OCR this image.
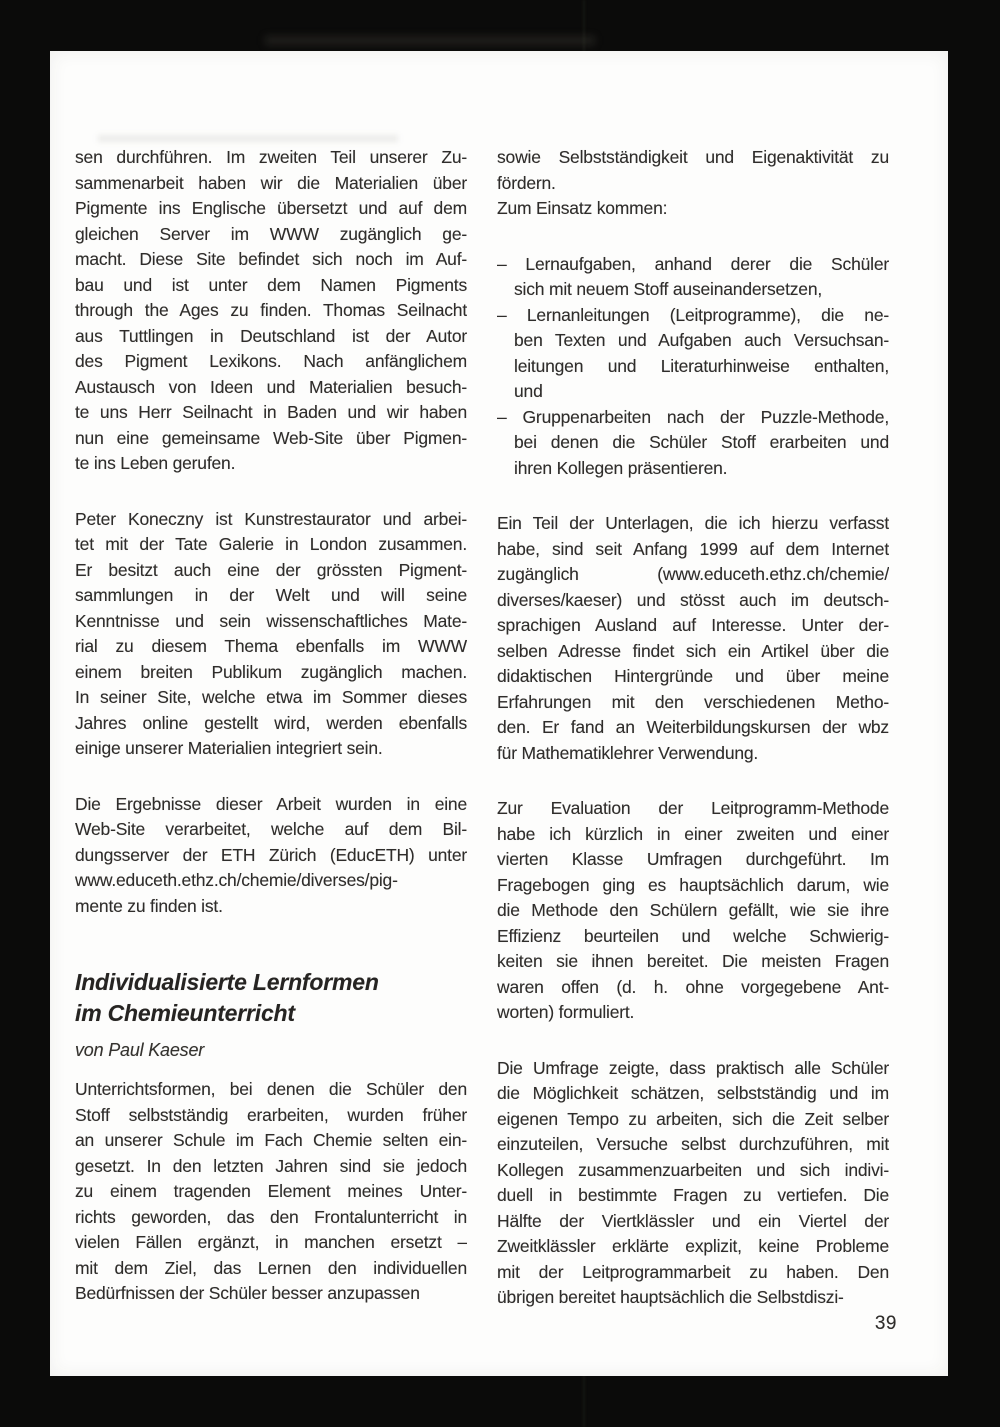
sen durchführen. Im zweiten Teil unserer Zu-
sammenarbeit haben wir die Materialien über
Pigmente ins Englische übersetzt und auf dem
gleichen Server im WWW zugänglich ge-
macht. Diese Site befindet sich noch im Auf-
bau und ist unter dem Namen Pigments
through the Ages zu finden. Thomas Seilnacht
aus Tuttlingen in Deutschland ist der Autor
des Pigment Lexikons. Nach anfänglichem
Austausch von Ideen und Materialien besuch-
te uns Herr Seilnacht in Baden und wir haben
nun eine gemeinsame Web-Site über Pigmen-
te ins Leben gerufen.
Peter Koneczny ist Kunstrestaurator und arbei-
tet mit der Tate Galerie in London zusammen.
Er besitzt auch eine der grössten Pigment-
sammlungen in der Welt und will seine
Kenntnisse und sein wissenschaftliches Mate-
rial zu diesem Thema ebenfalls im WWW
einem breiten Publikum zugänglich machen.
In seiner Site, welche etwa im Sommer dieses
Jahres online gestellt wird, werden ebenfalls
einige unserer Materialien integriert sein.
Die Ergebnisse dieser Arbeit wurden in eine
Web-Site verarbeitet, welche auf dem Bil-
dungsserver der ETH Zürich (EducETH) unter
www.educeth.ethz.ch/chemie/diverses/pig-
mente zu finden ist.
Individualisierte Lernformen
im Chemieunterricht
von Paul Kaeser
Unterrichtsformen, bei denen die Schüler den
Stoff selbstständig erarbeiten, wurden früher
an unserer Schule im Fach Chemie selten ein-
gesetzt. In den letzten Jahren sind sie jedoch
zu einem tragenden Element meines Unter-
richts geworden, das den Frontalunterricht in
vielen Fällen ergänzt, in manchen ersetzt –
mit dem Ziel, das Lernen den individuellen
Bedürfnissen der Schüler besser anzupassen
sowie Selbstständigkeit und Eigenaktivität zu
fördern.
Zum Einsatz kommen:
– Lernaufgaben, anhand derer die Schüler
sich mit neuem Stoff auseinandersetzen,
– Lernanleitungen (Leitprogramme), die ne-
ben Texten und Aufgaben auch Versuchsan-
leitungen und Literaturhinweise enthalten,
und
– Gruppenarbeiten nach der Puzzle-Methode,
bei denen die Schüler Stoff erarbeiten und
ihren Kollegen präsentieren.
Ein Teil der Unterlagen, die ich hierzu verfasst
habe, sind seit Anfang 1999 auf dem Internet
zugänglich (www.educeth.ethz.ch/chemie/
diverses/kaeser) und stösst auch im deutsch-
sprachigen Ausland auf Interesse. Unter der-
selben Adresse findet sich ein Artikel über die
didaktischen Hintergründe und über meine
Erfahrungen mit den verschiedenen Metho-
den. Er fand an Weiterbildungskursen der wbz
für Mathematiklehrer Verwendung.
Zur Evaluation der Leitprogramm-Methode
habe ich kürzlich in einer zweiten und einer
vierten Klasse Umfragen durchgeführt. Im
Fragebogen ging es hauptsächlich darum, wie
die Methode den Schülern gefällt, wie sie ihre
Effizienz beurteilen und welche Schwierig-
keiten sie ihnen bereitet. Die meisten Fragen
waren offen (d. h. ohne vorgegebene Ant-
worten) formuliert.
Die Umfrage zeigte, dass praktisch alle Schüler
die Möglichkeit schätzen, selbstständig und im
eigenen Tempo zu arbeiten, sich die Zeit selber
einzuteilen, Versuche selbst durchzuführen, mit
Kollegen zusammenzuarbeiten und sich indivi-
duell in bestimmte Fragen zu vertiefen. Die
Hälfte der Viertklässler und ein Viertel der
Zweitklässler erklärte explizit, keine Probleme
mit der Leitprogrammarbeit zu haben. Den
übrigen bereitet hauptsächlich die Selbstdiszi-
39
